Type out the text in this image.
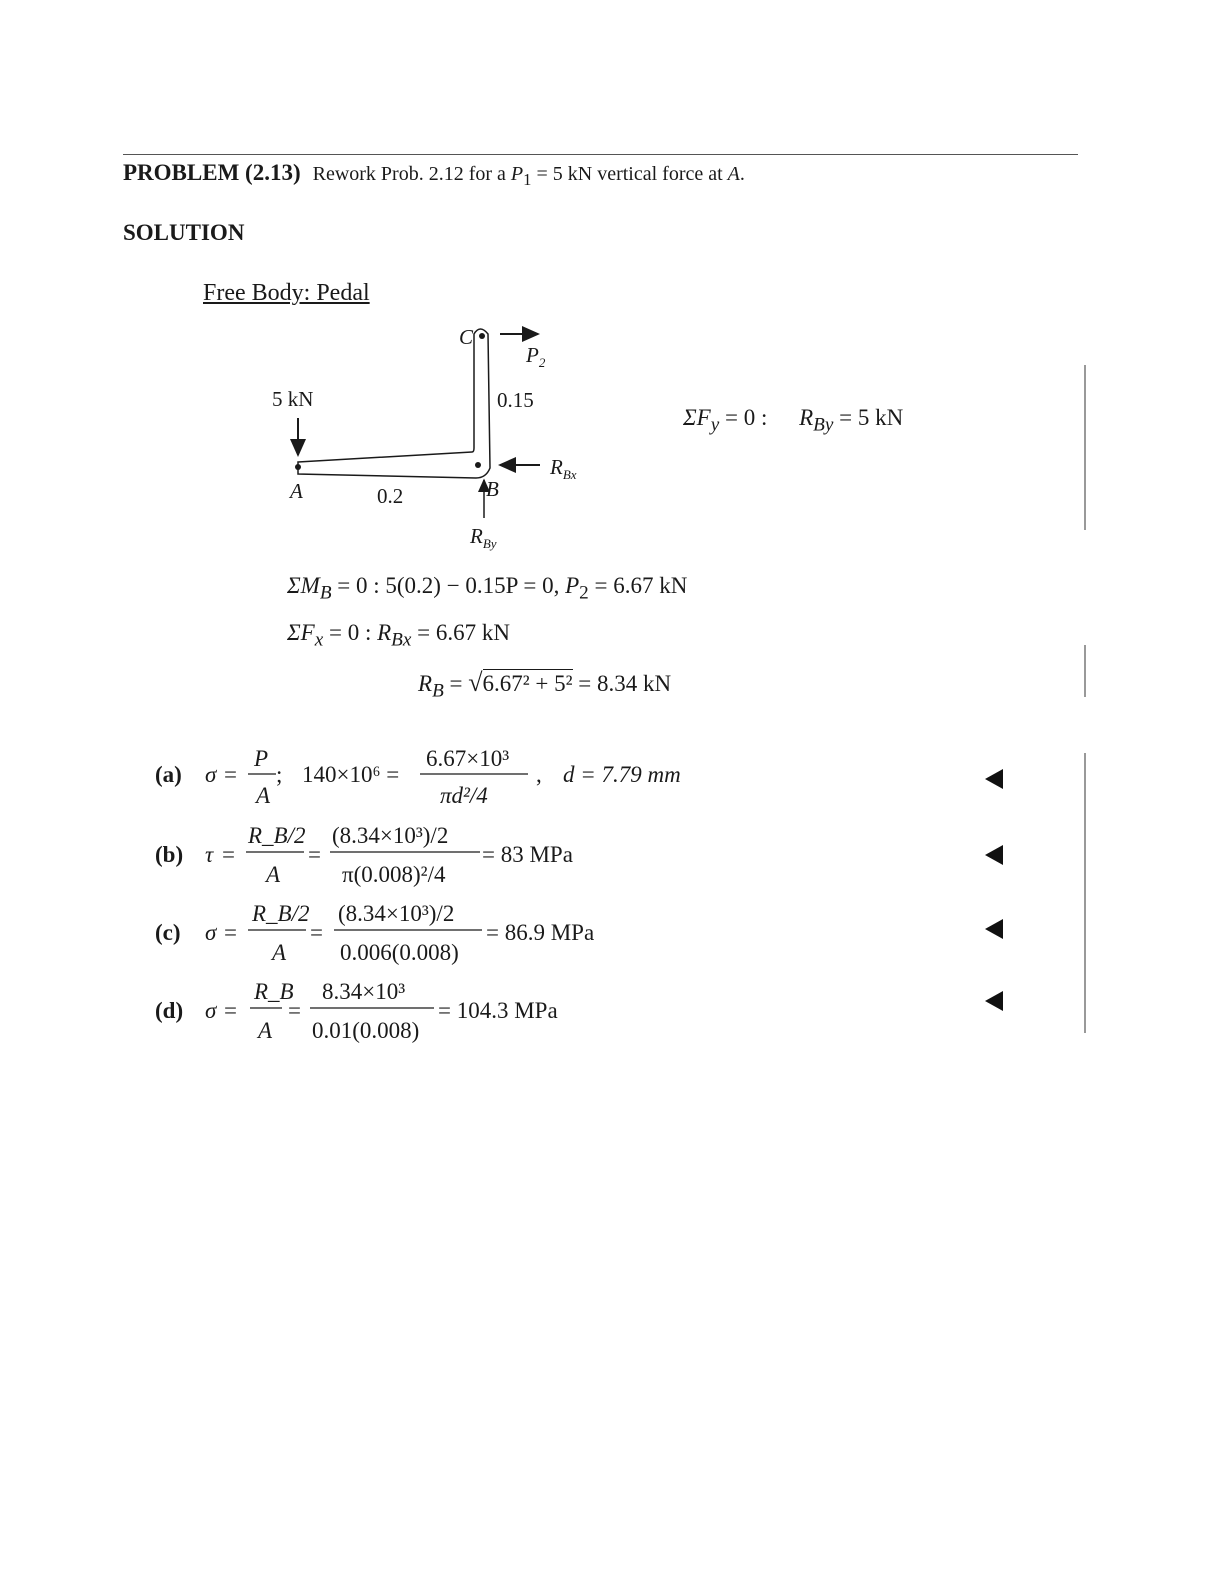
PROBLEM (2.13) Rework Prob. 2.12 for a $P_1 = 5$ kN vertical force at A.
SOLUTION
Free Body: Pedal
5 kN
A	B
C
0.2
0.15
$P_2$
$R_{Bx}$
$R_{By}$
$\Sigma F_y = 0$ : $R_{By} = 5$ kN
$\Sigma M_B = 0$ : 5(0.2) − 0.15P = 0, $P_2 = 6.67$ kN
$\Sigma F_x = 0$ : $R_{Bx} = 6.67$ kN
$R_B = √6.67^2 + 5^2 = 8.34$ kN
(a) σ =
P
A
; 140×10⁶ =
6.67×10³
πd²/4
, d = 7.79 mm
(b) τ =
R_B/2
A
=
(8.34×10³)/2
π(0.008)²/4
= 83 MPa
(c) σ =
R_B/2
A
=
(8.34×10³)/2
0.006(0.008)
= 86.9 MPa
(d) σ =
R_B
A
=
8.34×10³
0.01(0.008)
= 104.3 MPa
